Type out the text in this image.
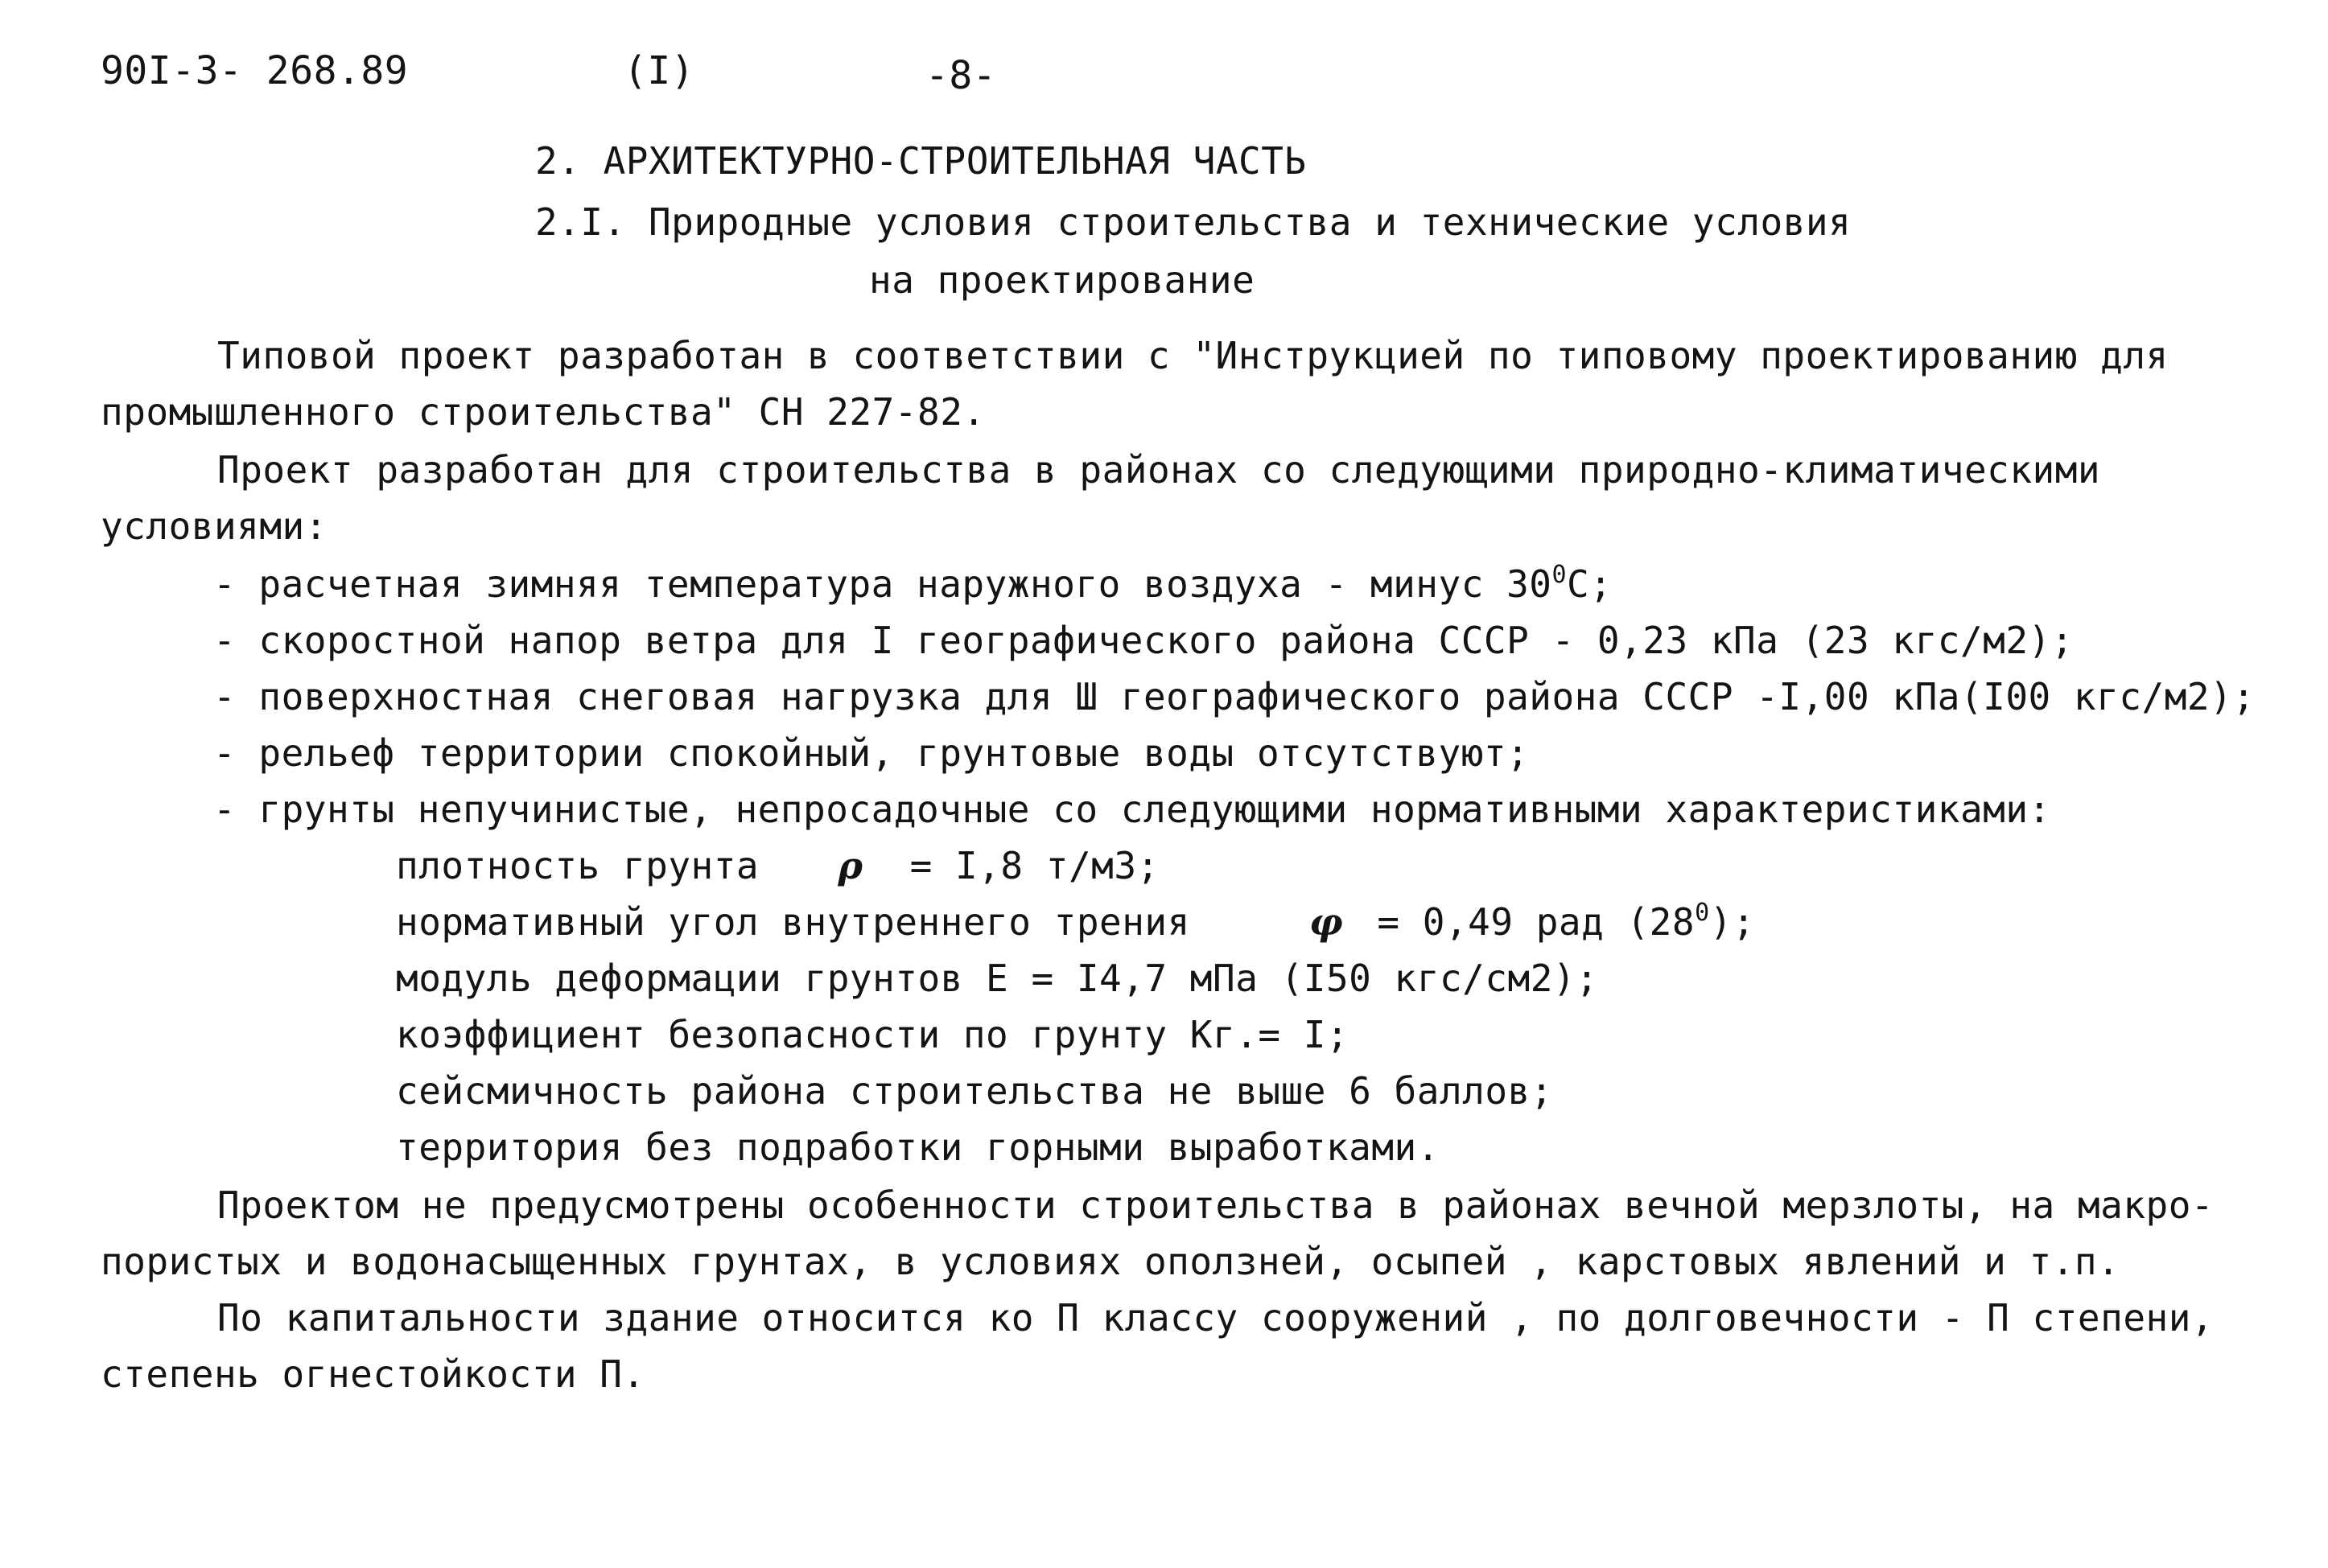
90I-3- 268.89	(I)	-8-
2. АРХИТЕКТУРНО-СТРОИТЕЛЬНАЯ ЧАСТЬ
2.I. Природные условия строительства и технические условия
на проектирование
Типовой проект разработан в соответствии с "Инструкцией по типовому проектированию для
промышленного строительства" СН 227-82.
Проект разработан для строительства в районах со следующими природно-климатическими
условиями:
- расчетная зимняя температура наружного воздуха - минус $30^0С$;
- скоростной напор ветра для I географического района СССР - 0,23 кПа (23 кгс/м2);
- поверхностная снеговая нагрузка для Ш географического района СССР -I,00 кПа(I00 кгс/м2);
- рельеф территории спокойный, грунтовые воды отсутствуют;
- грунты непучинистые, непросадочные со следующими нормативными характеристиками:
плотность грунта ρ = I,8 т/м3;
нормативный угол внутреннего трения	φ = 0,49 рад $(28^0)$;
модуль деформации грунтов Е = I4,7 мПа (I50 кгс/см2);
коэффициент безопасности по грунту Кг.= I;
сейсмичность района строительства не выше 6 баллов;
территория без подработки горными выработками.
Проектом не предусмотрены особенности строительства в районах вечной мерзлоты, на макро-
пористых и водонасыщенных грунтах, в условиях оползней, осыпей , карстовых явлений и т.п.
По капитальности здание относится ко П классу сооружений , по долговечности - П степени,
степень огнестойкости П.
